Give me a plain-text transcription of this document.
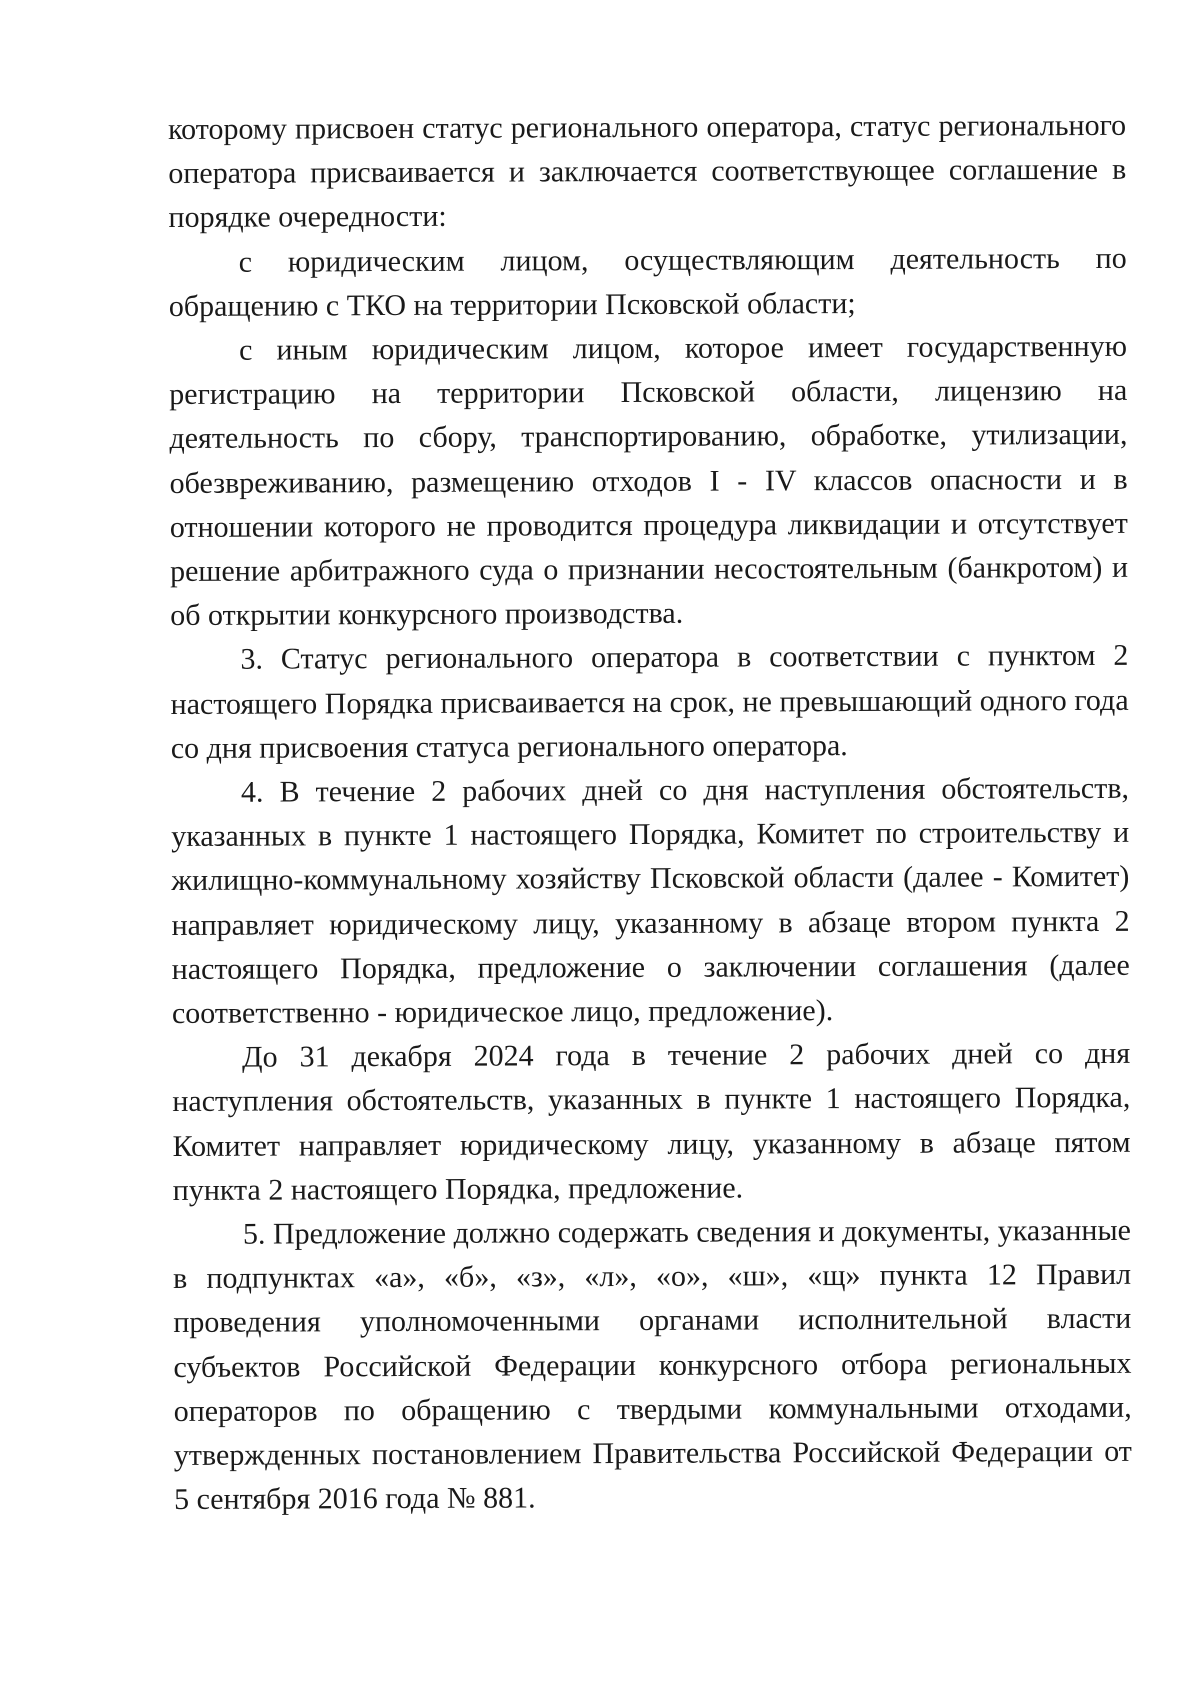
которому присвоен статус регионального оператора, статус регионального оператора присваивается и заключается соответствующее соглашение в порядке очередности:

с юридическим лицом, осуществляющим деятельность по обращению с ТКО на территории Псковской области;

с иным юридическим лицом, которое имеет государственную регистрацию на территории Псковской области, лицензию на деятельность по сбору, транспортированию, обработке, утилизации, обезвреживанию, размещению отходов I - IV классов опасности и в отношении которого не проводится процедура ликвидации и отсутствует решение арбитражного суда о признании несостоятельным (банкротом) и об открытии конкурсного производства.

3. Статус регионального оператора в соответствии с пунктом 2 настоящего Порядка присваивается на срок, не превышающий одного года со дня присвоения статуса регионального оператора.

4. В течение 2 рабочих дней со дня наступления обстоятельств, указанных в пункте 1 настоящего Порядка, Комитет по строительству и жилищно-коммунальному хозяйству Псковской области (далее - Комитет) направляет юридическому лицу, указанному в абзаце втором пункта 2 настоящего Порядка, предложение о заключении соглашения (далее соответственно - юридическое лицо, предложение).

До 31 декабря 2024 года в течение 2 рабочих дней со дня наступления обстоятельств, указанных в пункте 1 настоящего Порядка, Комитет направляет юридическому лицу, указанному в абзаце пятом пункта 2 настоящего Порядка, предложение.

5. Предложение должно содержать сведения и документы, указанные в подпунктах «а», «б», «з», «л», «о», «ш», «щ» пункта 12 Правил проведения уполномоченными органами исполнительной власти субъектов Российской Федерации конкурсного отбора региональных операторов по обращению с твердыми коммунальными отходами, утвержденных постановлением Правительства Российской Федерации от 5 сентября 2016 года № 881.
